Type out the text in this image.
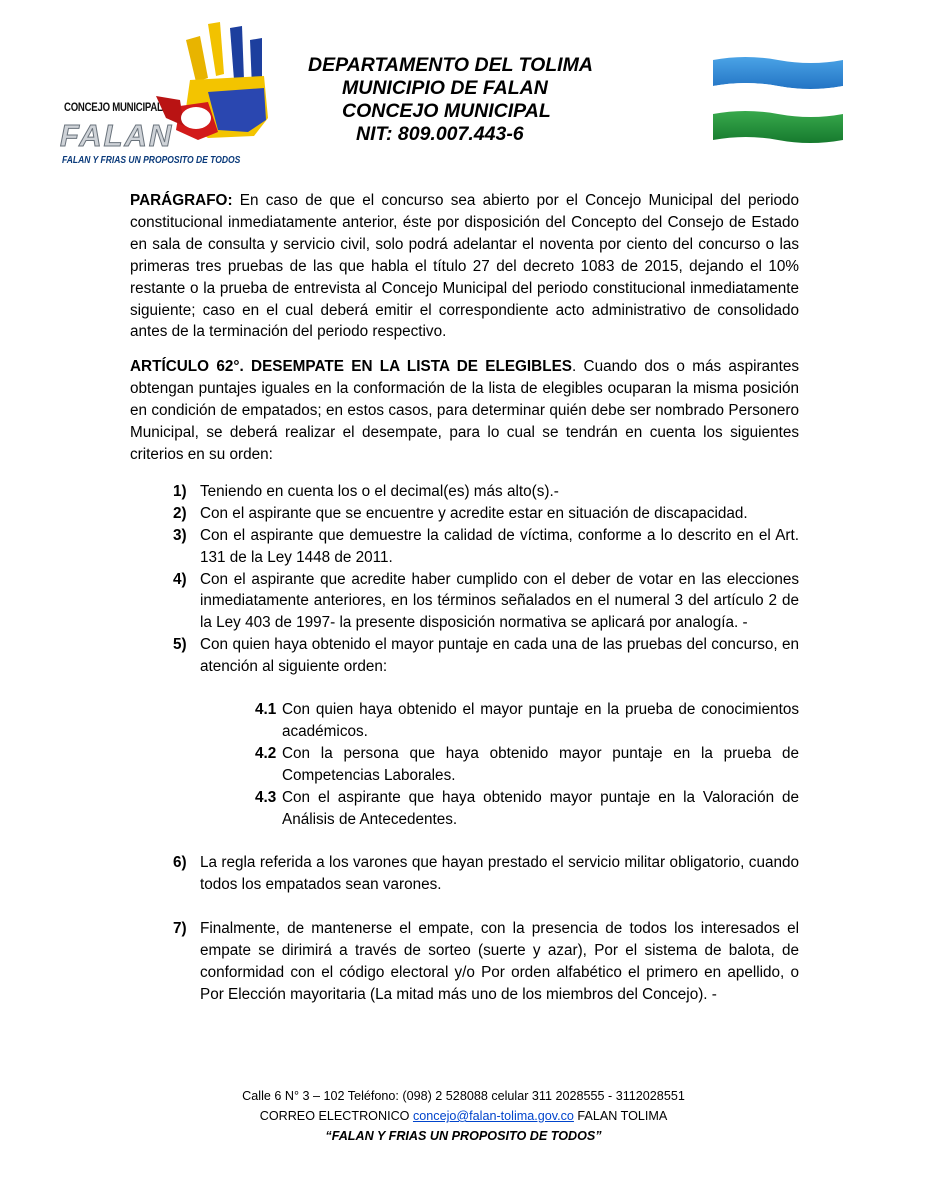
CONCEJO MUNICIPAL
FALAN
FALAN Y FRIAS UN PROPOSITO DE TODOS
DEPARTAMENTO DEL TOLIMA
MUNICIPIO DE FALAN
CONCEJO MUNICIPAL
NIT: 809.007.443-6

PARÁGRAFO: En caso de que el concurso sea abierto por el Concejo Municipal del periodo constitucional inmediatamente anterior, éste por disposición del Concepto del Consejo de Estado en sala de consulta y servicio civil, solo podrá adelantar el noventa por ciento del concurso o las primeras tres pruebas de las que habla el título 27 del decreto 1083 de 2015, dejando el 10% restante o la prueba de entrevista al Concejo Municipal del periodo constitucional inmediatamente siguiente; caso en el cual deberá emitir el correspondiente acto administrativo de consolidado antes de la terminación del periodo respectivo.

ARTÍCULO 62°. DESEMPATE EN LA LISTA DE ELEGIBLES. Cuando dos o más aspirantes obtengan puntajes iguales en la conformación de la lista de elegibles ocuparan la misma posición en condición de empatados; en estos casos, para determinar quién debe ser nombrado Personero Municipal, se deberá realizar el desempate, para lo cual se tendrán en cuenta los siguientes criterios en su orden:

1) Teniendo en cuenta los o el decimal(es) más alto(s).-
2) Con el aspirante que se encuentre y acredite estar en situación de discapacidad.
3) Con el aspirante que demuestre la calidad de víctima, conforme a lo descrito en el Art. 131 de la Ley 1448 de 2011.
4) Con el aspirante que acredite haber cumplido con el deber de votar en las elecciones inmediatamente anteriores, en los términos señalados en el numeral 3 del artículo 2 de la Ley 403 de 1997- la presente disposición normativa se aplicará por analogía. -
5) Con quien haya obtenido el mayor puntaje en cada una de las pruebas del concurso, en atención al siguiente orden:

4.1 Con quien haya obtenido el mayor puntaje en la prueba de conocimientos académicos.

4.2 Con la persona que haya obtenido mayor puntaje en la prueba de Competencias Laborales.

4.3 Con el aspirante que haya obtenido mayor puntaje en la Valoración de Análisis de Antecedentes.

6) La regla referida a los varones que hayan prestado el servicio militar obligatorio, cuando todos los empatados sean varones.
7) Finalmente, de mantenerse el empate, con la presencia de todos los interesados el empate se dirimirá a través de sorteo (suerte y azar), Por el sistema de balota, de conformidad con el código electoral y/o Por orden alfabético el primero en apellido, o Por Elección mayoritaria (La mitad más uno de los miembros del Concejo). -
Calle 6 N° 3 – 102 Teléfono: (098) 2 528088 celular 311 2028555 - 3112028551
CORREO ELECTRONICO concejo@falan-tolima.gov.co FALAN TOLIMA
“FALAN Y FRIAS UN PROPOSITO DE TODOS”
